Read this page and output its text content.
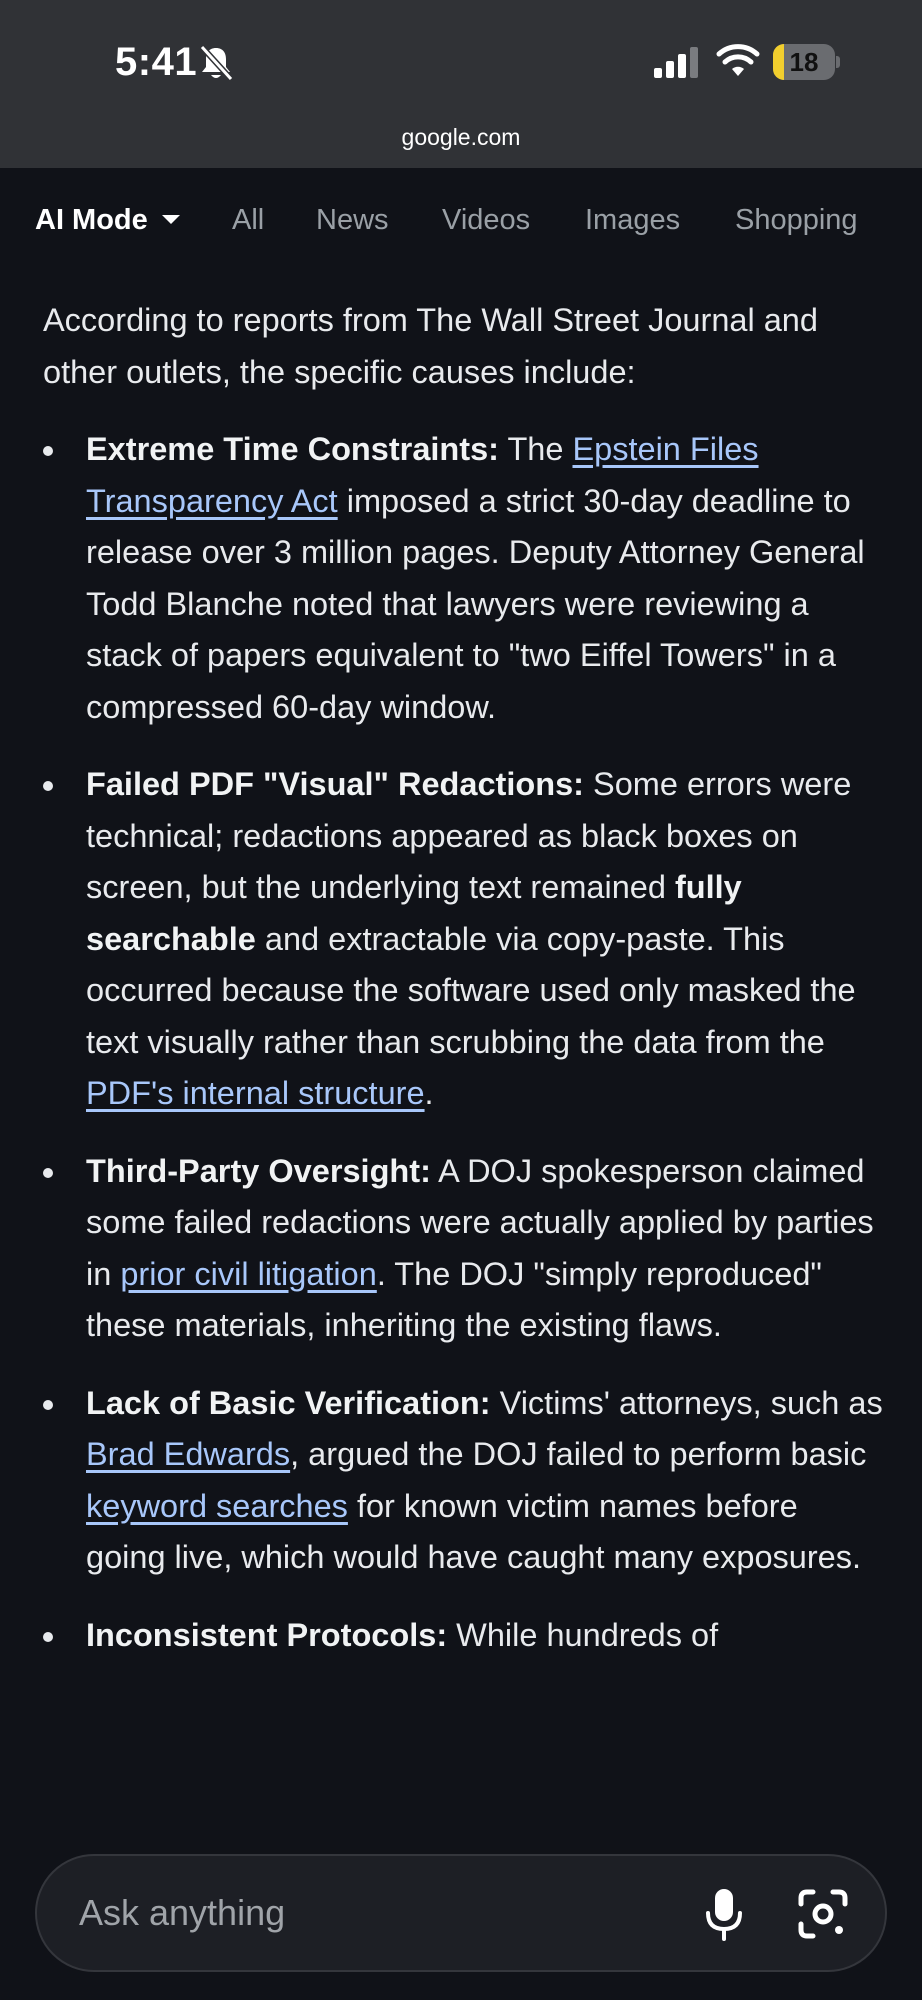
5:41	18
google.com
AI Mode	All News Videos Images Shopping

According to reports from The Wall Street Journal and other outlets, the specific causes include:

Extreme Time Constraints: The Epstein Files Transparency Act imposed a strict 30-day deadline to release over 3 million pages. Deputy Attorney General Todd Blanche noted that lawyers were reviewing a stack of papers equivalent to "two Eiffel Towers" in a compressed 60-day window.
Failed PDF "Visual" Redactions: Some errors were technical; redactions appeared as black boxes on screen, but the underlying text remained fully searchable and extractable via copy-paste. This occurred because the software used only masked the text visually rather than scrubbing the data from the PDF's internal structure.
Third-Party Oversight: A DOJ spokesperson claimed some failed redactions were actually applied by parties in prior civil litigation. The DOJ "simply reproduced" these materials, inheriting the existing flaws.
Lack of Basic Verification: Victims' attorneys, such as Brad Edwards, argued the DOJ failed to perform basic keyword searches for known victim names before going live, which would have caught many exposures.
Inconsistent Protocols: While hundreds of
Ask anything
